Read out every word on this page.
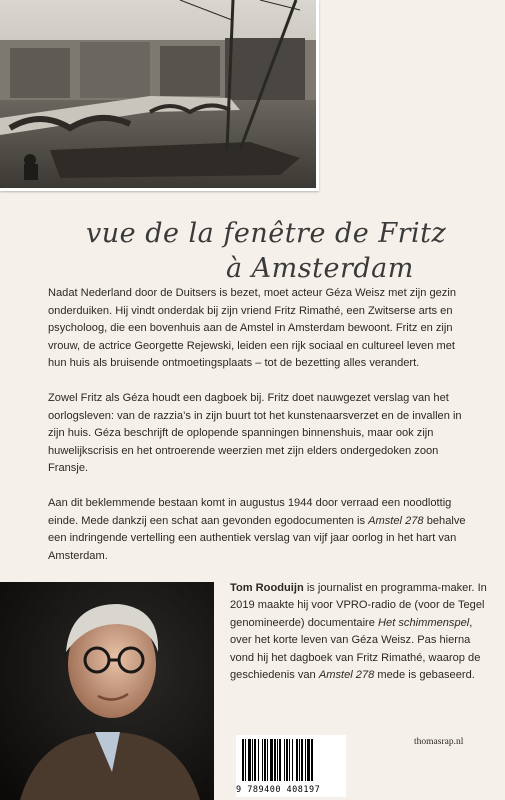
vue de la fenêtre de Fritz
à Amsterdam

Nadat Nederland door de Duitsers is bezet, moet acteur Géza Weisz met zijn gezin onderduiken. Hij vindt onderdak bij zijn vriend Fritz Rimathé, een Zwitserse arts en psycholoog, die een bovenhuis aan de Amstel in Amsterdam bewoont. Fritz en zijn vrouw, de actrice Georgette Rejewski, leiden een rijk sociaal en cultureel leven met hun huis als bruisende ontmoetingsplaats – tot de bezetting alles verandert.

Zowel Fritz als Géza houdt een dagboek bij. Fritz doet nauwgezet verslag van het oorlogsleven: van de razzia’s in zijn buurt tot het kunstenaarsverzet en de invallen in zijn huis. Géza beschrijft de oplopende spanningen binnenshuis, maar ook zijn huwelijkscrisis en het ontroerende weerzien met zijn elders ondergedoken zoon Fransje.

Aan dit beklemmende bestaan komt in augustus 1944 door verraad een noodlottig einde. Mede dankzij een schat aan gevonden egodocumenten is Amstel 278 behalve een indringende vertelling een authentiek verslag van vijf jaar oorlog in het hart van Amsterdam.

Tom Rooduijn is journalist en programma-maker. In 2019 maakte hij voor VPRO-radio de (voor de Tegel genomineerde) documentaire Het schimmenspel, over het korte leven van Géza Weisz. Pas hierna vond hij het dagboek van Fritz Rimathé, waarop de geschiedenis van Amstel 278 mede is gebaseerd.
9 789400 408197
thomasrap.nl
